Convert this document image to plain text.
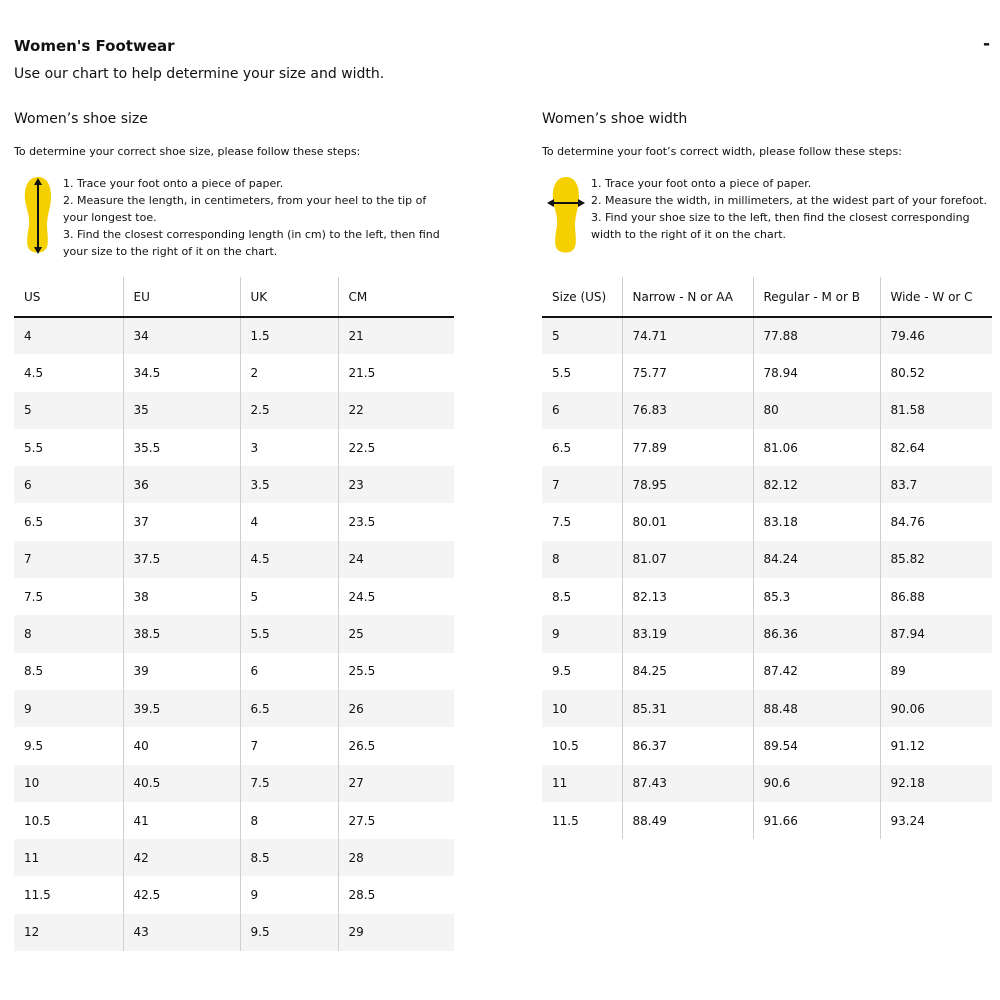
Women's Footwear	-
Use our chart to help determine your size and width.
Women’s shoe size
To determine your correct shoe size, please follow these steps:
1. Trace your foot onto a piece of paper.
2. Measure the length, in centimeters, from your heel to the tip of your longest toe.
3. Find the closest corresponding length (in cm) to the left, then find your size to the right of it on the chart.
US	EU	UK	CM
4	34	1.5	21
4.5	34.5	2	21.5
5	35	2.5	22
5.5	35.5	3	22.5
6	36	3.5	23
6.5	37	4	23.5
7	37.5	4.5	24
7.5	38	5	24.5
8	38.5	5.5	25
8.5	39	6	25.5
9	39.5	6.5	26
9.5	40	7	26.5
10	40.5	7.5	27
10.5	41	8	27.5
11	42	8.5	28
11.5	42.5	9	28.5
12	43	9.5	29
Women’s shoe width
To determine your foot’s correct width, please follow these steps:
1. Trace your foot onto a piece of paper.
2. Measure the width, in millimeters, at the widest part of your forefoot.
3. Find your shoe size to the left, then find the closest corresponding width to the right of it on the chart.
Size (US)	Narrow - N or AA	Regular - M or B	Wide - W or C
5	74.71	77.88	79.46
5.5	75.77	78.94	80.52
6	76.83	80	81.58
6.5	77.89	81.06	82.64
7	78.95	82.12	83.7
7.5	80.01	83.18	84.76
8	81.07	84.24	85.82
8.5	82.13	85.3	86.88
9	83.19	86.36	87.94
9.5	84.25	87.42	89
10	85.31	88.48	90.06
10.5	86.37	89.54	91.12
11	87.43	90.6	92.18
11.5	88.49	91.66	93.24
